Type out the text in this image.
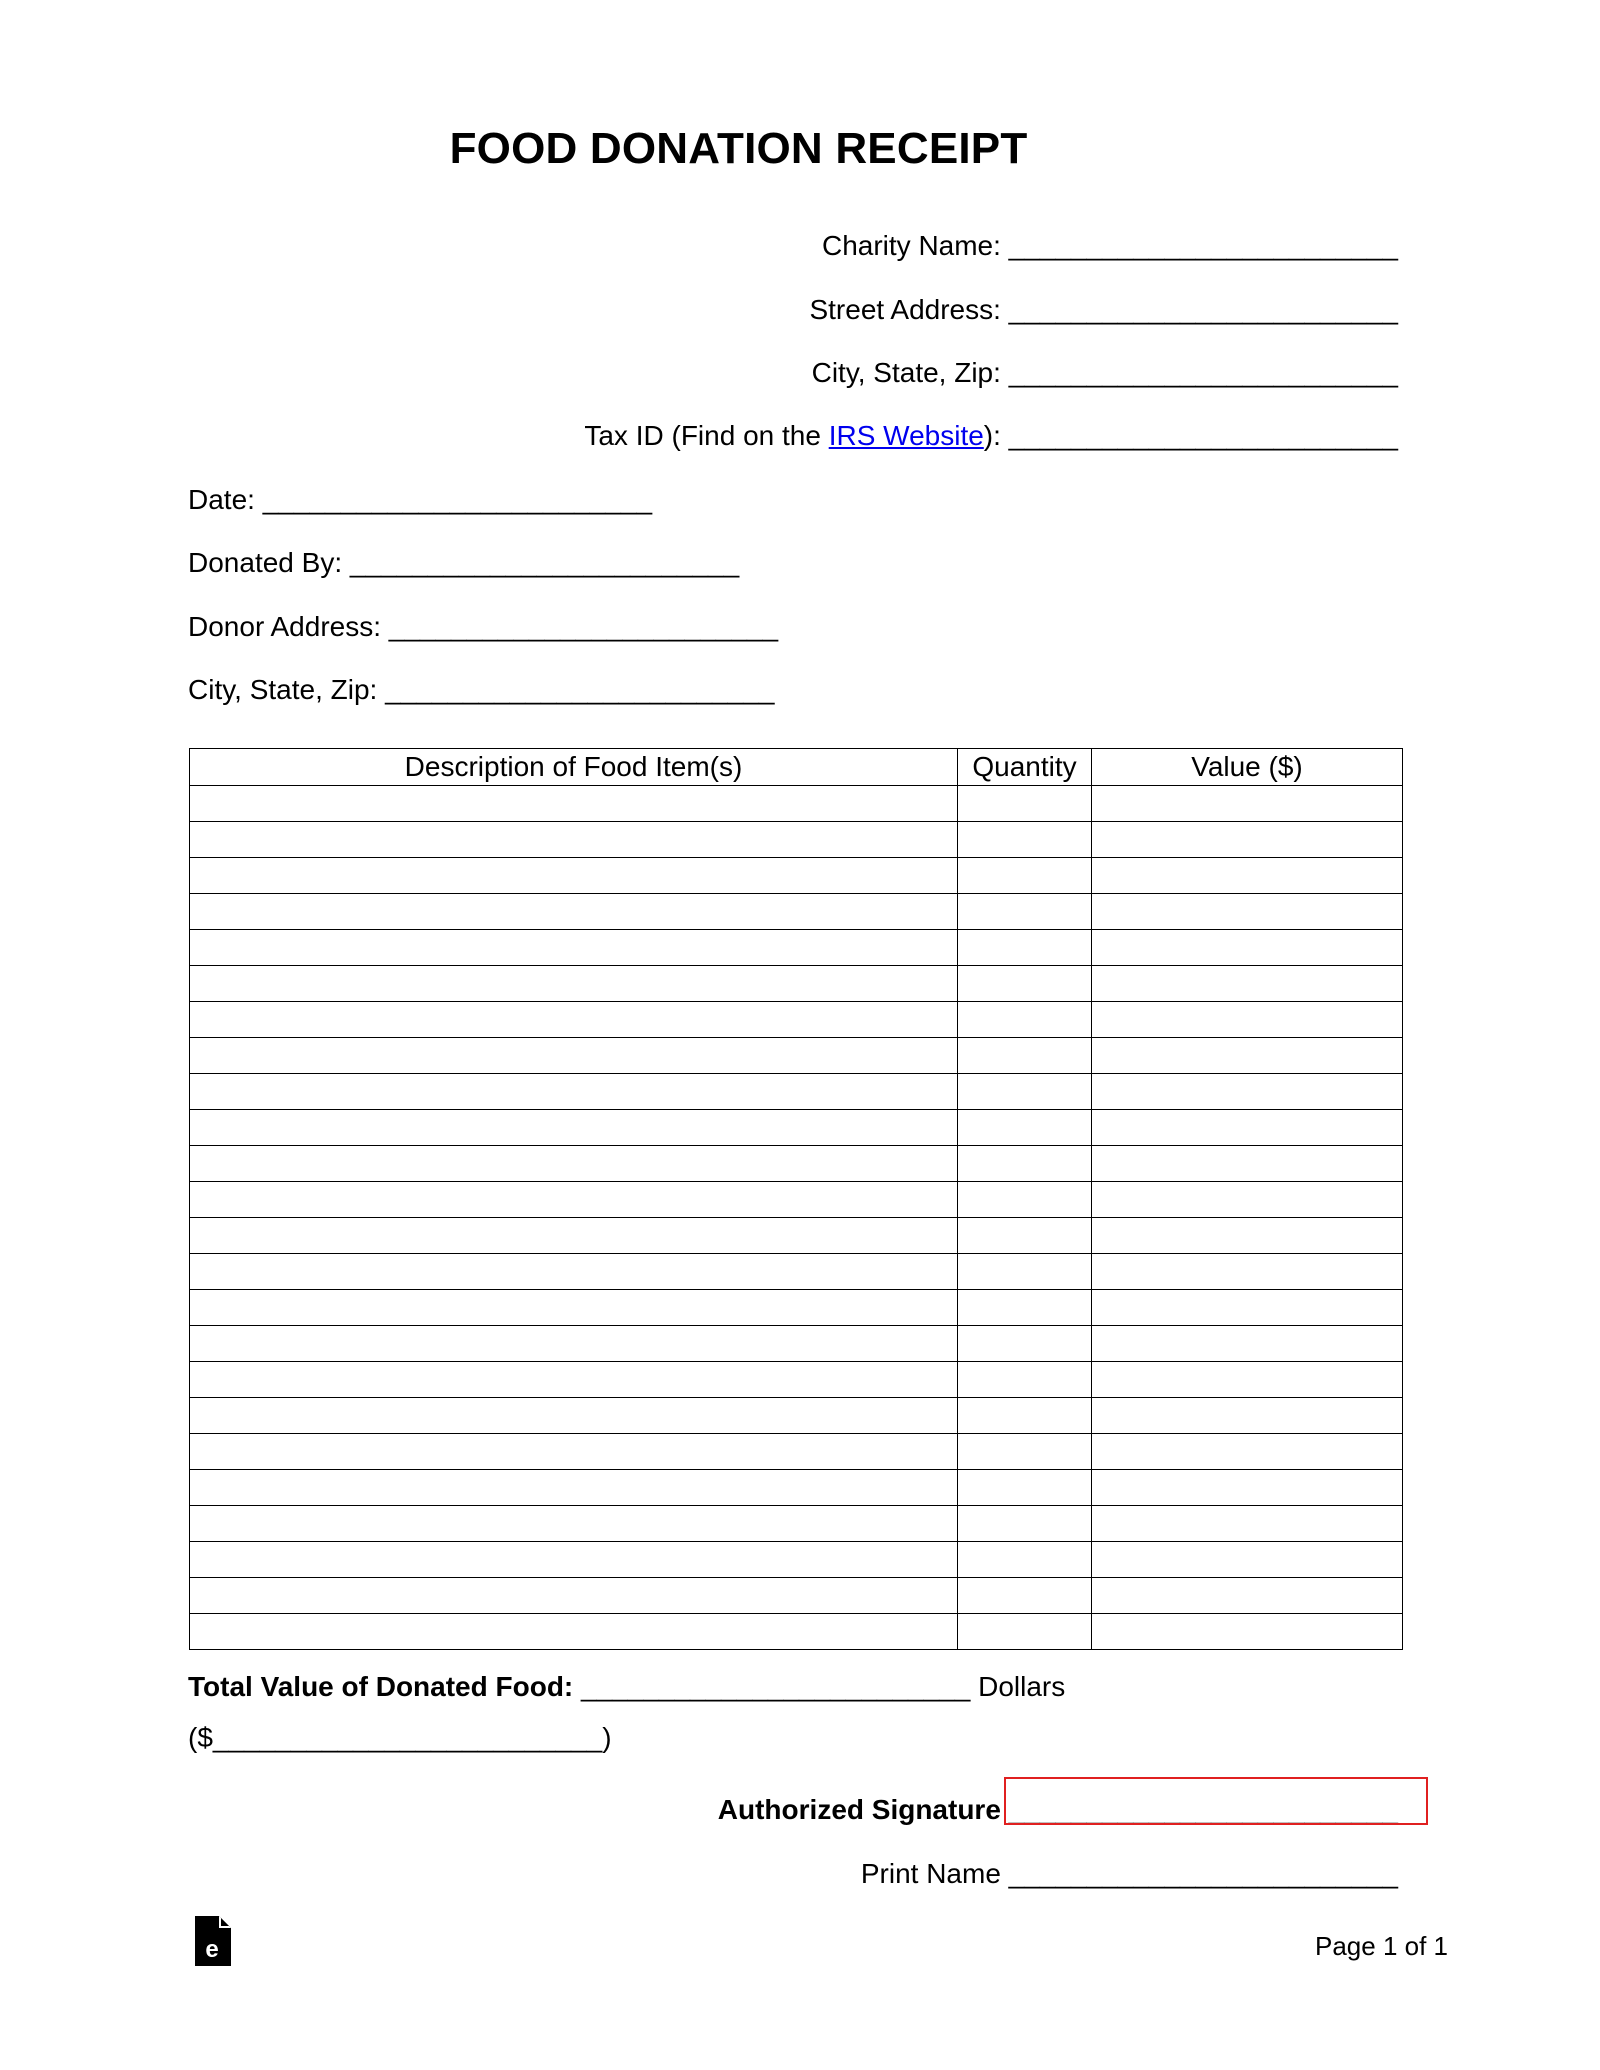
FOOD DONATION RECEIPT
Charity Name: _________________________
Street Address: _________________________
City, State, Zip: _________________________
Tax ID (Find on the IRS Website): _________________________
Date: _________________________
Donated By: _________________________
Donor Address: _________________________
City, State, Zip: _________________________
Description of Food Item(s)	Quantity	Value ($)

Total Value of Donated Food: _________________________ Dollars
($_________________________)
Authorized Signature _________________________
Print Name _________________________
e	Page 1 of 1
